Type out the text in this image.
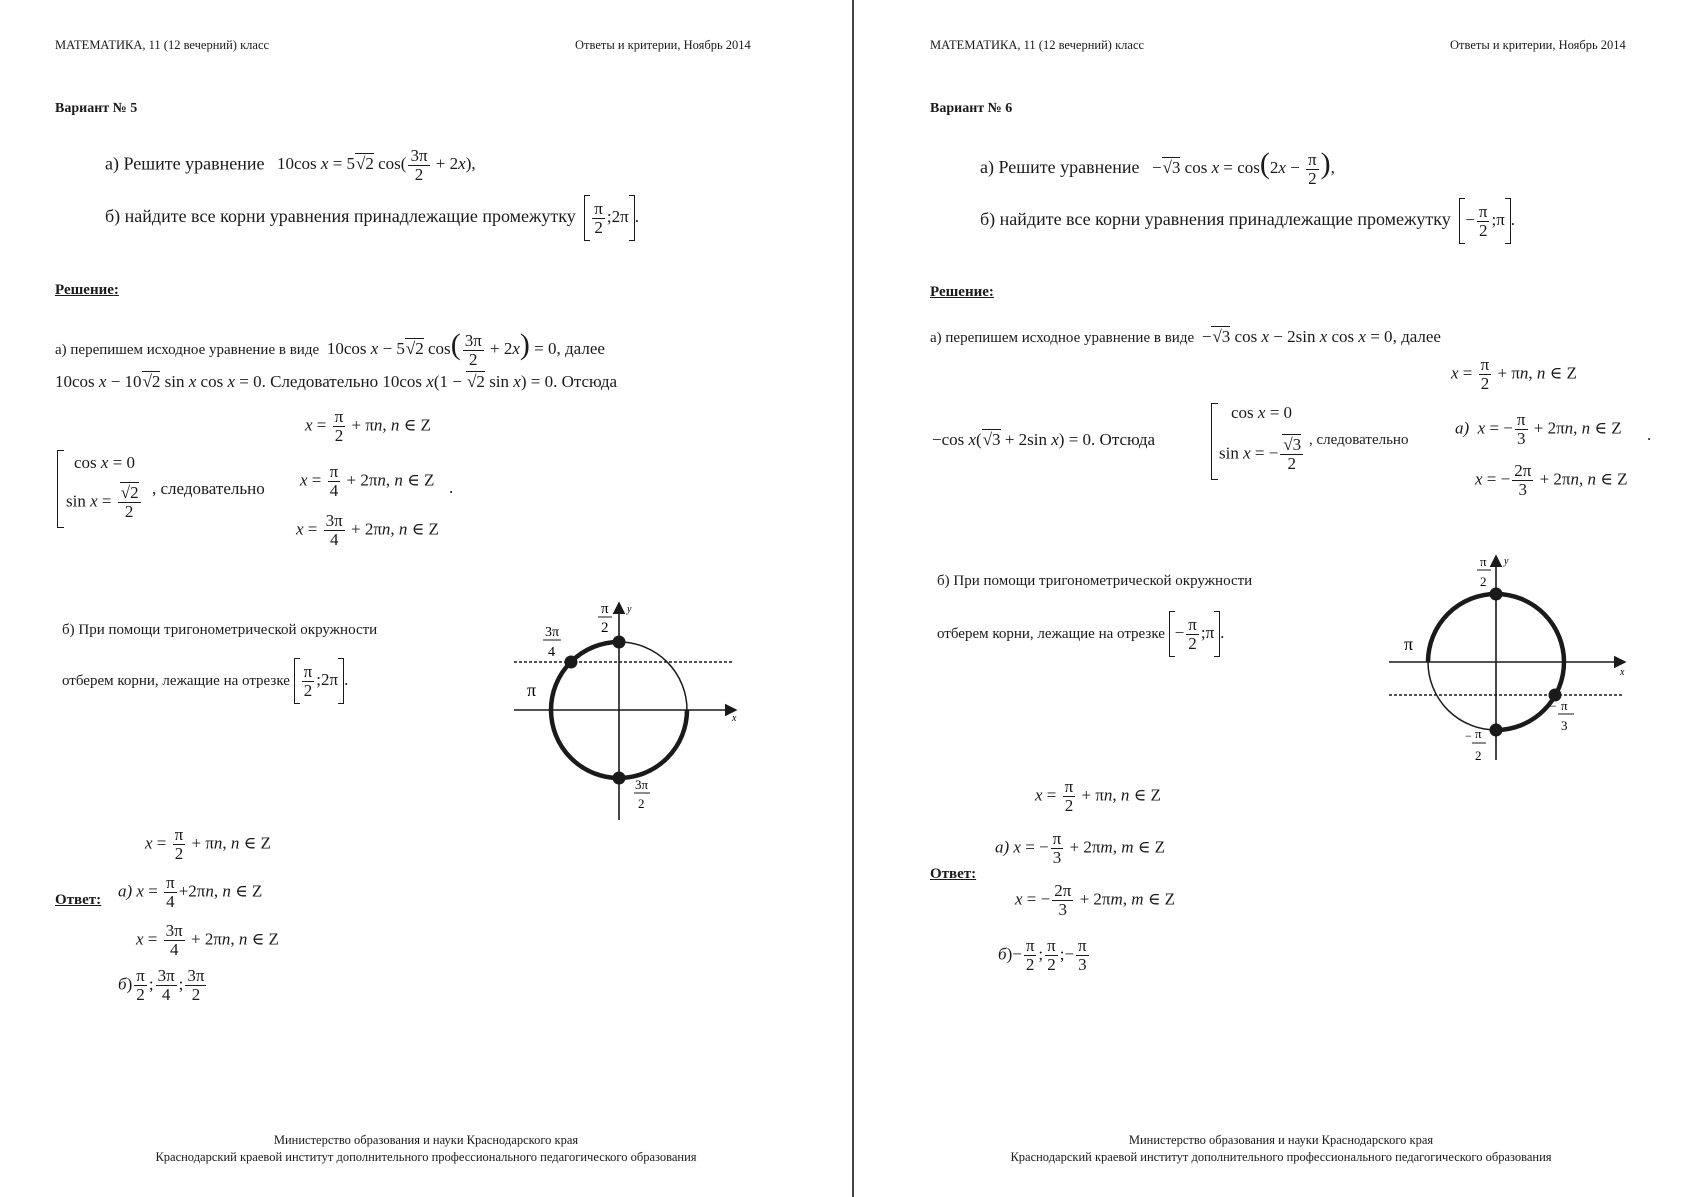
МАТЕМАТИКА, 11 (12 вечерний) класс	Ответы и критерии, Ноябрь 2014
Вариант № 5
а) Решите уравнение 10cos x = 5√2 $\cos( \frac{3\pi}{2} + 2x)$,
б) найдите все корни уравнения принадлежащие промежутку $\frac{\pi}{2}$ ;2π .
Решение:
а) перепишем исходное уравнение в виде 10cos x − 5√2 $\cos( \frac{3\pi}{2} + 2x) = 0$, далее
10cos x − 10√2 sin x cos x = 0. Следовательно 10cos x(1 − √2 sin x) = 0. Отсюда
$x = \frac{\pi}{2} + \pi n$, n ∈ Z
cos x = 0
$\sin x = \frac{√2}{2}$ , следовательно $x = \frac{\pi}{4} + 2\pi n$, n ∈ Z
$x = \frac{3\pi}{4} + 2\pi n$, n ∈ Z
.
б) При помощи тригонометрической окружности
отберем корни, лежащие на отрезке $\frac{\pi}{2}$ ;2π .
π
2
y
3π
4
π
3π
2
x
$x = \frac{\pi}{2} + \pi n$, n ∈ Z
Ответ: а) $x = \frac{\pi}{4} +2\pi n$, n ∈ Z
$x = \frac{3\pi}{4} + 2\pi n$, n ∈ Z
$б) \frac{\pi}{2}$ ; $\frac{3\pi}{4}$ ; $\frac{3\pi}{2}$
Министерство образования и науки Краснодарского края
Краснодарский краевой институт дополнительного профессионального педагогического образования
МАТЕМАТИКА, 11 (12 вечерний) класс	Ответы и критерии, Ноябрь 2014
Вариант № 6
а) Решите уравнение −√3 $\cos x = \cos(2x - \frac{\pi}{2}$ ),
б) найдите все корни уравнения принадлежащие промежутку − $\frac{\pi}{2}$ ;π .
Решение:
а) перепишем исходное уравнение в виде −√3 cos x − 2sin x cos x = 0, далее
$x = \frac{\pi}{2} + \pi n$, n ∈ Z
−cos x(√3 + 2sin x) = 0. Отсюда
cos x = 0
sin x = − $\frac{√3}{2}$ , следовательно
а) x = − $\frac{\pi}{3} + 2\pi n$, n ∈ Z
x = − $\frac{2\pi}{3} + 2\pi n$, n ∈ Z
.
б) При помощи тригонометрической окружности
отберем корни, лежащие на отрезке − $\frac{\pi}{2}$ ;π .
π
2
y
π
x
− π
3
− π
2
$x = \frac{\pi}{2} + \pi n$, n ∈ Z
Ответ:
а) x = − $\frac{\pi}{3} + 2\pi m$, m ∈ Z
x = − $\frac{2\pi}{3} + 2\pi m$, m ∈ Z
$б)- \frac{\pi}{2}$ ; $\frac{\pi}{2}$ ;− $\frac{\pi}{3}$
Министерство образования и науки Краснодарского края
Краснодарский краевой институт дополнительного профессионального педагогического образования
